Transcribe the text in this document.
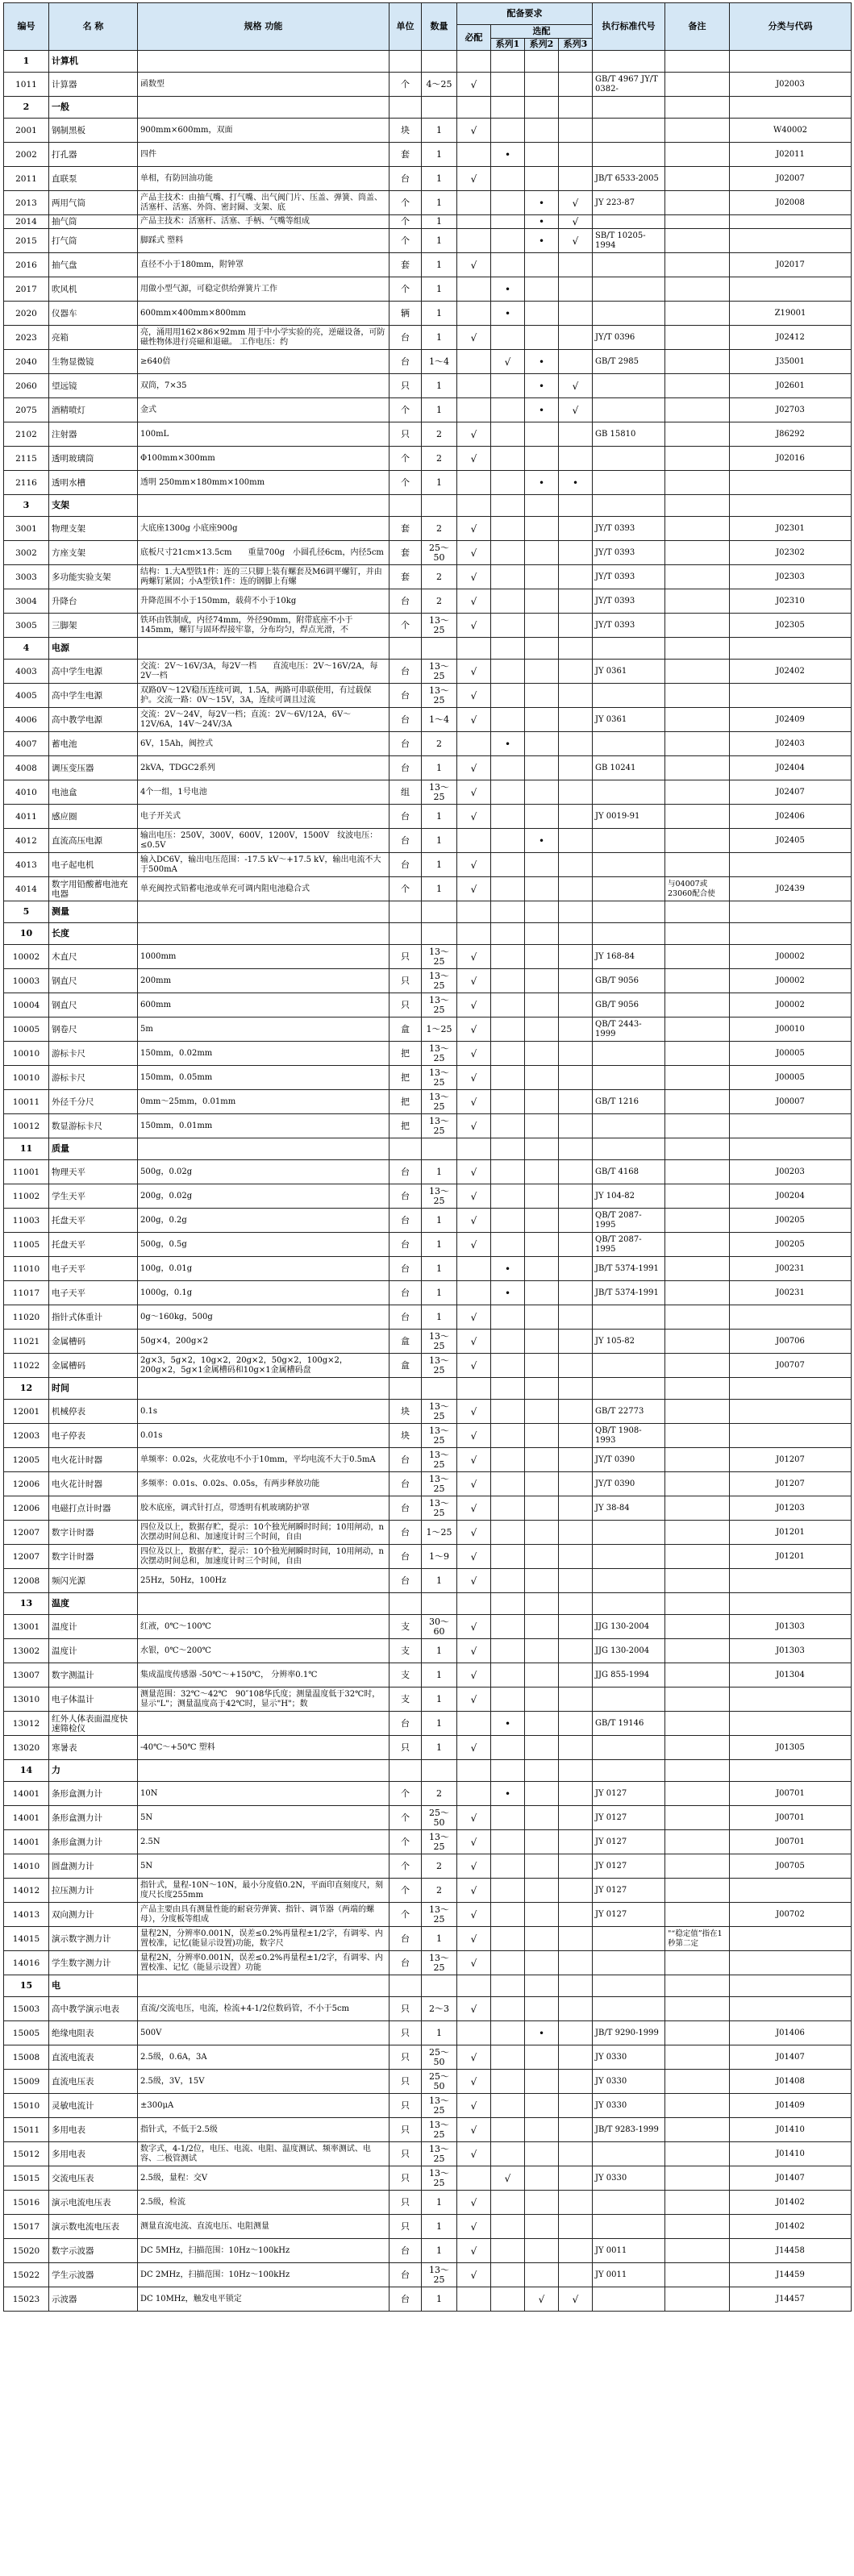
编号	名 称	规格 功能	单位	数量	配备要求				执行标准代号	备注	分类与代码
					必配	选配					
						系列1	系列2	系列3			
1	计算机										
1011	计算器	函数型	个	4～25	√				GB/T 4967 JY/T 0382-		J02003
2	一般										
2001	钢制黑板	900mm×600mm，双面	块	1	√						W40002
2002	打孔器	四件	套	1		•					J02011
2011	直联泵	单相，有防回油功能	台	1	√				JB/T 6533-2005		J02007
2013	两用气筒	产品主技术：由抽气嘴、打气嘴、出气阀门片、压盖、弹簧、筒盖、活塞杆、活塞、外筒、密封圈、支架、底	个	1			•	√	JY 223-87		J02008
2014	抽气筒	产品主技术：活塞杆、活塞、手柄、气嘴等组成	个	1			•	√			
2015	打气筒	脚踩式 塑料	个	1			•	√	SB/T 10205-1994		
2016	抽气盘	直径不小于180mm，附钟罩	套	1	√						J02017
2017	吹风机	用做小型气源，可稳定供给弹簧片工作	个	1		•					
2020	仪器车	600mm×400mm×800mm	辆	1		•					Z19001
2023	亮箱	亮，涌用用162×86×92mm 用于中小学实验的亮，逆磁设备，可防磁性物体进行亮磁和退磁。 工作电压：约	台	1	√				JY/T 0396		J02412
2040	生物显微镜	≥640倍	台	1～4		√	•		GB/T 2985		J35001
2060	望远镜	双筒，7×35	只	1			•	√			J02601
2075	酒精喷灯	金式	个	1			•	√			J02703
2102	注射器	100mL	只	2	√				GB 15810		J86292
2115	透明玻璃筒	Φ100mm×300mm	个	2	√						J02016
2116	透明水槽	透明 250mm×180mm×100mm	个	1			•	•			
3	支架										
3001	物理支架	大底座1300g 小底座900g	套	2	√				JY/T 0393		J02301
3002	方座支架	底板尺寸21cm×13.5cm　　重量700g　小圆孔径6cm，内径5cm	套	25～50	√				JY/T 0393		J02302
3003	多功能实验支架	结构：1.大A型铁1件：连的三只脚上装有螺套及M6调平螺钉，并由两螺钉紧固；小A型铁1件：连的钢脚上有螺	套	2	√				JY/T 0393		J02303
3004	升降台	升降范围不小于150mm，载荷不小于10kg	台	2	√				JY/T 0393		J02310
3005	三脚架	铁环由铁制成，内径74mm，外径90mm，附带底座不小于145mm，螺钉与固环焊接牢靠，分布均匀，焊点光滑，不	个	13～25	√				JY/T 0393		J02305
4	电源										
4003	高中学生电源	交流：2V～16V/3A，每2V一档　　直流电压：2V～16V/2A，每2V一档	台	13～25	√				JY 0361		J02402
4005	高中学生电源	双路0V～12V稳压连续可调，1.5A，两路可串联使用，有过载保护。交流一路：0V～15V，3A，连续可调且过流	台	13～25	√						
4006	高中教学电源	交流：2V～24V，每2V一档；直流：2V～6V/12A，6V～12V/6A，14V～24V/3A	台	1～4	√				JY 0361		J02409
4007	蓄电池	6V，15Ah，阀控式	台	2		•					J02403
4008	调压变压器	2kVA，TDGC2系列	台	1	√				GB 10241		J02404
4010	电池盒	4个一组，1号电池	组	13～25	√						J02407
4011	感应圈	电子开关式	台	1	√				JY 0019-91		J02406
4012	直流高压电源	输出电压：250V，300V，600V，1200V，1500V　纹波电压：≤0.5V	台	1			•				J02405
4013	电子起电机	输入DC6V，输出电压范围：-17.5 kV～+17.5 kV，输出电流不大于500mA	台	1	√						
4014	数字用铅酸蓄电池充电器	单充阀控式铅蓄电池或单充可调内阻电池稳合式	个	1	√					与04007或23060配合使	J02439
5	测量										
10	长度										
10002	木直尺	1000mm	只	13～25	√				JY 168-84		J00002
10003	钢直尺	200mm	只	13～25	√				GB/T 9056		J00002
10004	钢直尺	600mm	只	13～25	√				GB/T 9056		J00002
10005	钢卷尺	5m	盒	1～25	√				QB/T 2443-1999		J00010
10010	游标卡尺	150mm，0.02mm	把	13～25	√						J00005
10010	游标卡尺	150mm，0.05mm	把	13～25	√						J00005
10011	外径千分尺	0mm～25mm，0.01mm	把	13～25	√				GB/T 1216		J00007
10012	数显游标卡尺	150mm，0.01mm	把	13～25	√						
11	质量										
11001	物理天平	500g，0.02g	台	1	√				GB/T 4168		J00203
11002	学生天平	200g，0.02g	台	13～25	√				JY 104-82		J00204
11003	托盘天平	200g，0.2g	台	1	√				QB/T 2087-1995		J00205
11005	托盘天平	500g，0.5g	台	1	√				QB/T 2087-1995		J00205
11010	电子天平	100g，0.01g	台	1		•			JB/T 5374-1991		J00231
11017	电子天平	1000g，0.1g	台	1		•			JB/T 5374-1991		J00231
11020	指针式体重计	0g～160kg，500g	台	1	√						
11021	金属槽码	50g×4，200g×2	盒	13～25	√				JY 105-82		J00706
11022	金属槽码	2g×3，5g×2，10g×2，20g×2，50g×2，100g×2，200g×2，5g×1金属槽码和10g×1金属槽码盘	盒	13～25	√						J00707
12	时间										
12001	机械停表	0.1s	块	13～25	√				GB/T 22773		
12003	电子停表	0.01s	块	13～25	√				QB/T 1908-1993		
12005	电火花计时器	单频率：0.02s，火花放电不小于10mm，平均电流不大于0.5mA	台	13～25	√				JY/T 0390		J01207
12006	电火花计时器	多频率：0.01s、0.02s、0.05s，有两步释放功能	台	13～25	√				JY/T 0390		J01207
12006	电磁打点计时器	胶木底座，调式针打点，带透明有机玻璃防护罩	台	13～25	√				JY 38-84		J01203
12007	数字计时器	四位及以上，数据存贮，提示：10个独光闸瞬时时间；10用闸动，n次摆动时间总和、加速度计时三个时间，自由	台	1～25	√						J01201
12007	数字计时器	四位及以上，数据存贮，提示：10个独光闸瞬时时间，10用闸动，n次摆动时间总和，加速度计时三个时间，自由	台	1～9	√						J01201
12008	频闪光源	25Hz，50Hz，100Hz	台	1	√						
13	温度										
13001	温度计	红液，0℃～100℃	支	30～60	√				JJG 130-2004		J01303
13002	温度计	水银，0℃～200℃	支	1	√				JJG 130-2004		J01303
13007	数字测温计	集成温度传感器 -50℃～+150℃， 分辨率0.1℃	支	1	√				JJG 855-1994		J01304
13010	电子体温计	测量范围：32℃～42℃　90″108华氏度；测量温度低于32℃时，显示"L"；测量温度高于42℃时，显示"H"；数	支	1	√						
13012	红外人体表面温度快速筛检仪		台	1		•			GB/T 19146		
13020	寒暑表	-40℃～+50℃ 塑料	只	1	√						J01305
14	力										
14001	条形盒测力计	10N	个	2		•			JY 0127		J00701
14001	条形盒测力计	5N	个	25～50	√				JY 0127		J00701
14001	条形盒测力计	2.5N	个	13～25	√				JY 0127		J00701
14010	圆盘测力计	5N	个	2	√				JY 0127		J00705
14012	拉压测力计	指针式，量程-10N～10N，最小分度值0.2N，平面印直刻度尺，刻度尺长度255mm	个	2	√				JY 0127		
14013	双向测力计	产品主要由具有测量性能的耐衰劳弹簧、指针、调节器（两端的螺母），分度板等组成	个	13～25	√				JY 0127		J00702
14015	演示数字测力计	量程2N，分辨率0.001N，误差≤0.2%再量程±1/2字，有调零、内置校准，记忆(能显示设置)功能，数字尺	台	1	√					"“稳定值”指在1秒第二定	
14016	学生数字测力计	量程2N，分辨率0.001N，误差≤0.2%再量程±1/2字，有调零、内置校准、记忆（能显示设置）功能	台	13～25	√						
15	电										
15003	高中教学演示电表	直流/交流电压，电流，检流+4-1/2位数码管，不小于5cm	只	2～3	√						
15005	绝缘电阻表	500V	只	1			•		JB/T 9290-1999		J01406
15008	直流电流表	2.5级，0.6A，3A	只	25～50	√				JY 0330		J01407
15009	直流电压表	2.5级，3V，15V	只	25～50	√				JY 0330		J01408
15010	灵敏电流计	±300μA	只	13～25	√				JY 0330		J01409
15011	多用电表	指针式，不低于2.5级	只	13～25	√				JB/T 9283-1999		J01410
15012	多用电表	数字式，4-1/2位，电压、电流、电阻、温度测试、频率测试、电容、二极管测试	只	13～25	√						J01410
15015	交流电压表	2.5级，量程：交V	只	13～25		√			JY 0330		J01407
15016	演示电流电压表	2.5级，检流	只	1	√						J01402
15017	演示数电流电压表	测量直流电流、直流电压、电阻测量	只	1	√						J01402
15020	数字示波器	DC 5MHz，扫描范围：10Hz～100kHz	台	1	√				JY 0011		J14458
15022	学生示波器	DC 2MHz，扫描范围：10Hz～100kHz	台	13～25	√				JY 0011		J14459
15023	示波器	DC 10MHz，触发电平锁定	台	1			√	√			J14457
